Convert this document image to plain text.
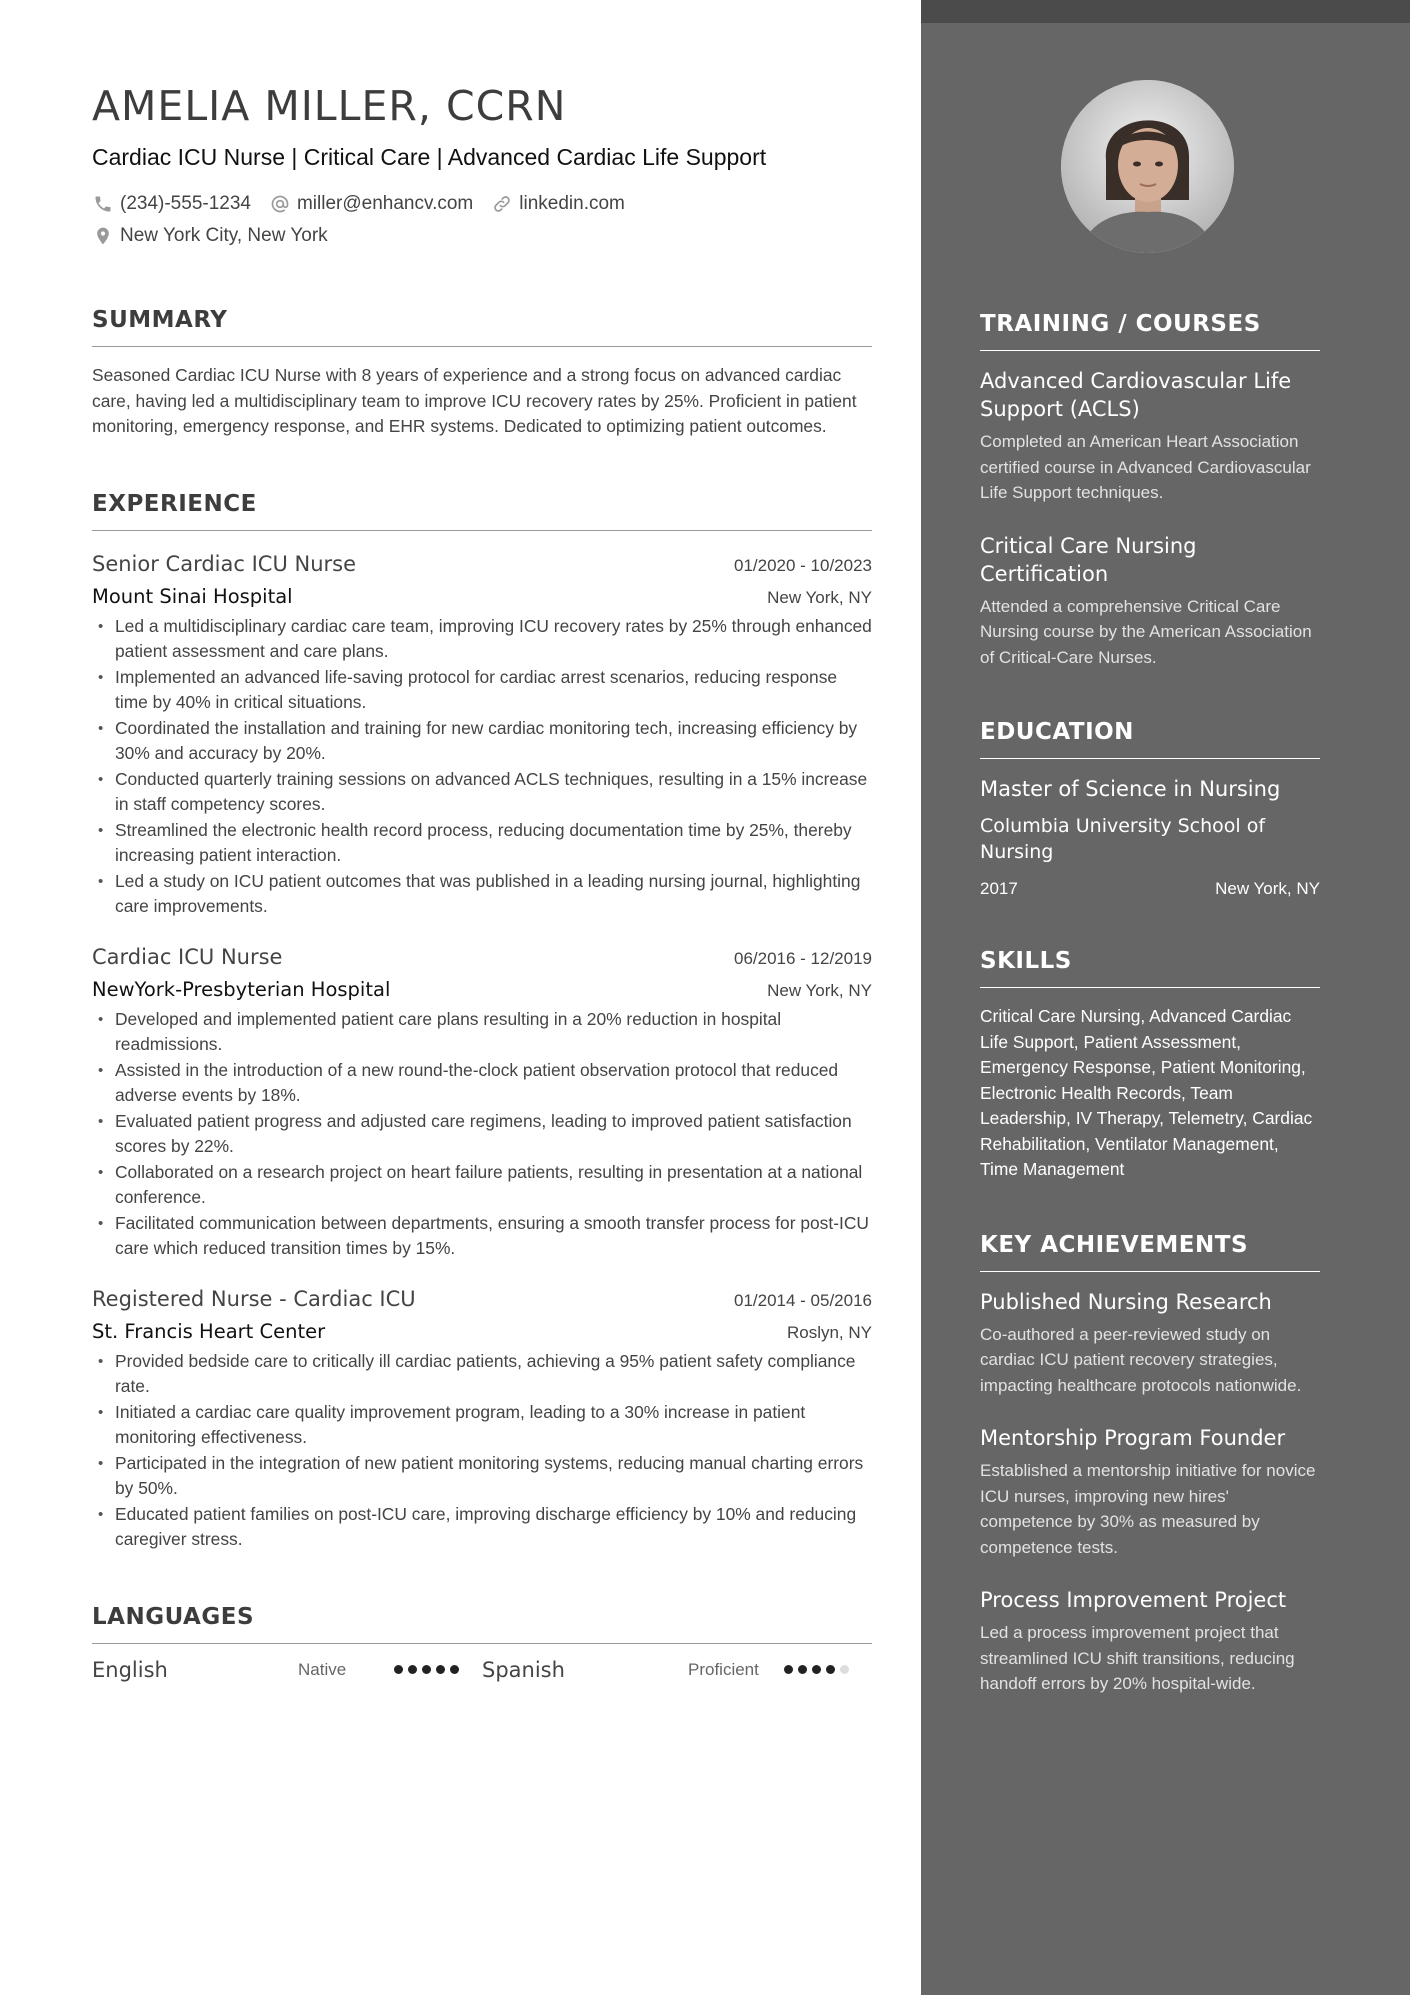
AMELIA MILLER, CCRN
Cardiac ICU Nurse | Critical Care | Advanced Cardiac Life Support
(234)-555-1234 miller@enhancv.com linkedin.com
New York City, New York
SUMMARY

Seasoned Cardiac ICU Nurse with 8 years of experience and a strong focus on advanced cardiac care, having led a multidisciplinary team to improve ICU recovery rates by 25%. Proficient in patient monitoring, emergency response, and EHR systems. Dedicated to optimizing patient outcomes.

EXPERIENCE
Senior Cardiac ICU Nurse	01/2020 - 10/2023
Mount Sinai Hospital	New York, NY
• Led a multidisciplinary cardiac care team, improving ICU recovery rates by 25% through enhanced patient assessment and care plans.
• Implemented an advanced life-saving protocol for cardiac arrest scenarios, reducing response time by 40% in critical situations.
• Coordinated the installation and training for new cardiac monitoring tech, increasing efficiency by 30% and accuracy by 20%.
• Conducted quarterly training sessions on advanced ACLS techniques, resulting in a 15% increase in staff competency scores.
• Streamlined the electronic health record process, reducing documentation time by 25%, thereby increasing patient interaction.
• Led a study on ICU patient outcomes that was published in a leading nursing journal, highlighting care improvements.
Cardiac ICU Nurse	06/2016 - 12/2019
NewYork-Presbyterian Hospital	New York, NY
• Developed and implemented patient care plans resulting in a 20% reduction in hospital readmissions.
• Assisted in the introduction of a new round-the-clock patient observation protocol that reduced adverse events by 18%.
• Evaluated patient progress and adjusted care regimens, leading to improved patient satisfaction scores by 22%.
• Collaborated on a research project on heart failure patients, resulting in presentation at a national conference.
• Facilitated communication between departments, ensuring a smooth transfer process for post-ICU care which reduced transition times by 15%.
Registered Nurse - Cardiac ICU	01/2014 - 05/2016
St. Francis Heart Center	Roslyn, NY
• Provided bedside care to critically ill cardiac patients, achieving a 95% patient safety compliance rate.
• Initiated a cardiac care quality improvement program, leading to a 30% increase in patient monitoring effectiveness.
• Participated in the integration of new patient monitoring systems, reducing manual charting errors by 50%.
• Educated patient families on post-ICU care, improving discharge efficiency by 10% and reducing caregiver stress.
LANGUAGES
English	Native	Spanish	Proficient
TRAINING / COURSES
Advanced Cardiovascular Life Support (ACLS)
Completed an American Heart Association certified course in Advanced Cardiovascular Life Support techniques.
Critical Care Nursing Certification
Attended a comprehensive Critical Care Nursing course by the American Association of Critical-Care Nurses.
EDUCATION
Master of Science in Nursing
Columbia University School of Nursing
2017	New York, NY
SKILLS

Critical Care Nursing, Advanced Cardiac Life Support, Patient Assessment, Emergency Response, Patient Monitoring, Electronic Health Records, Team Leadership, IV Therapy, Telemetry, Cardiac Rehabilitation, Ventilator Management, Time Management

KEY ACHIEVEMENTS
Published Nursing Research
Co-authored a peer-reviewed study on cardiac ICU patient recovery strategies, impacting healthcare protocols nationwide.
Mentorship Program Founder
Established a mentorship initiative for novice ICU nurses, improving new hires' competence by 30% as measured by competence tests.
Process Improvement Project
Led a process improvement project that streamlined ICU shift transitions, reducing handoff errors by 20% hospital-wide.
